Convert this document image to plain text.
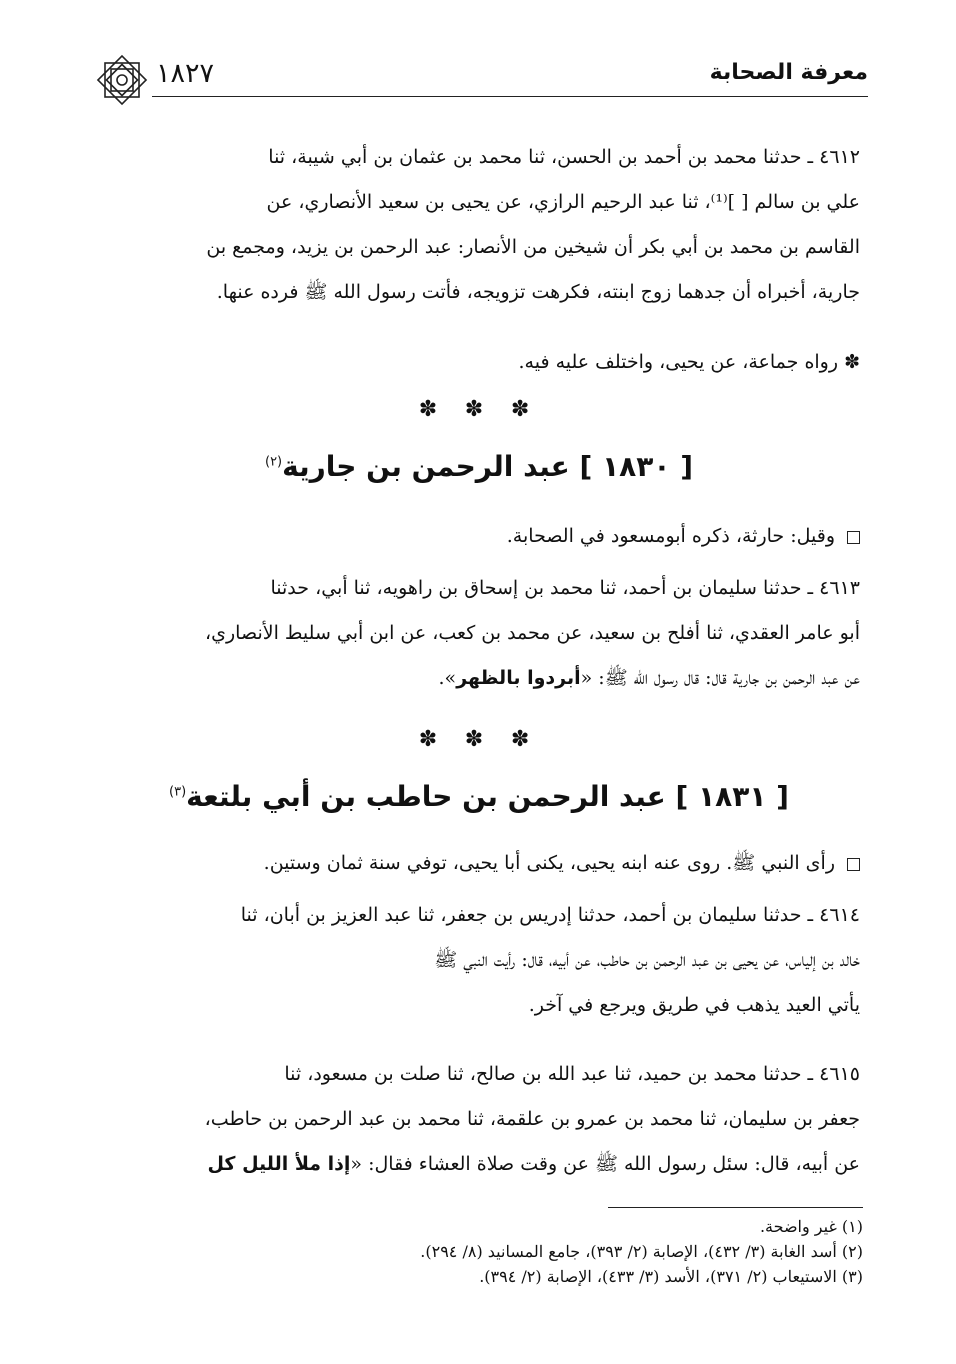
معرفة الصحابة
١٨٢٧

٤٦١٢ ـ حدثنا محمد بن أحمد بن الحسن، ثنا محمد بن عثمان بن أبي شيبة، ثنا

علي بن سالم [ ]⁽¹⁾، ثنا عبد الرحيم الرازي، عن يحيى بن سعيد الأنصاري، عن

القاسم بن محمد بن أبي بكر أن شيخين من الأنصار: عبد الرحمن بن يزيد، ومجمع بن

جارية، أخبراه أن جدهما زوج ابنته، فكرهت تزويجه، فأتت رسول الله ﷺ فرده عنها.

✽ رواه جماعة، عن يحيى، واختلف عليه فيه.

✽ ✽ ✽
[ ١٨٣٠ ] عبد الرحمن بن جارية$^{(٢)}$

وقيل: حارثة، ذكره أبومسعود في الصحابة.

٤٦١٣ ـ حدثنا سليمان بن أحمد، ثنا محمد بن إسحاق بن راهويه، ثنا أبي، حدثنا

أبو عامر العقدي، ثنا أفلح بن سعيد، عن محمد بن كعب، عن ابن أبي سليط الأنصاري،

عن عبد الرحمن بن جارية قال: قال رسول الله ﷺ: «أبردوا بالظهر».

✽ ✽ ✽
[ ١٨٣١ ] عبد الرحمن بن حاطب بن أبي بلتعة$^{(٣)}$

رأى النبي ﷺ. روى عنه ابنه يحيى، يكنى أبا يحيى، توفي سنة ثمان وستين.

٤٦١٤ ـ حدثنا سليمان بن أحمد، حدثنا إدريس بن جعفر، ثنا عبد العزيز بن أبان، ثنا

خالد بن إلياس، عن يحيى بن عبد الرحمن بن حاطب، عن أبيه، قال: رأيت النبي ﷺ

يأتي العيد يذهب في طريق ويرجع في آخر.

٤٦١٥ ـ حدثنا محمد بن حميد، ثنا عبد الله بن صالح، ثنا صلت بن مسعود، ثنا

جعفر بن سليمان، ثنا محمد بن عمرو بن علقمة، ثنا محمد بن عبد الرحمن بن حاطب،

عن أبيه، قال: سئل رسول الله ﷺ عن وقت صلاة العشاء فقال: «إذا ملأ الليل كل

(١) غير واضحة.

(٢) أسد الغابة (٣/ ٤٣٢)، الإصابة (٢/ ٣٩٣)، جامع المسانيد (٨/ ٢٩٤).

(٣) الاستيعاب (٢/ ٣٧١)، الأسد (٣/ ٤٣٣)، الإصابة (٢/ ٣٩٤).
